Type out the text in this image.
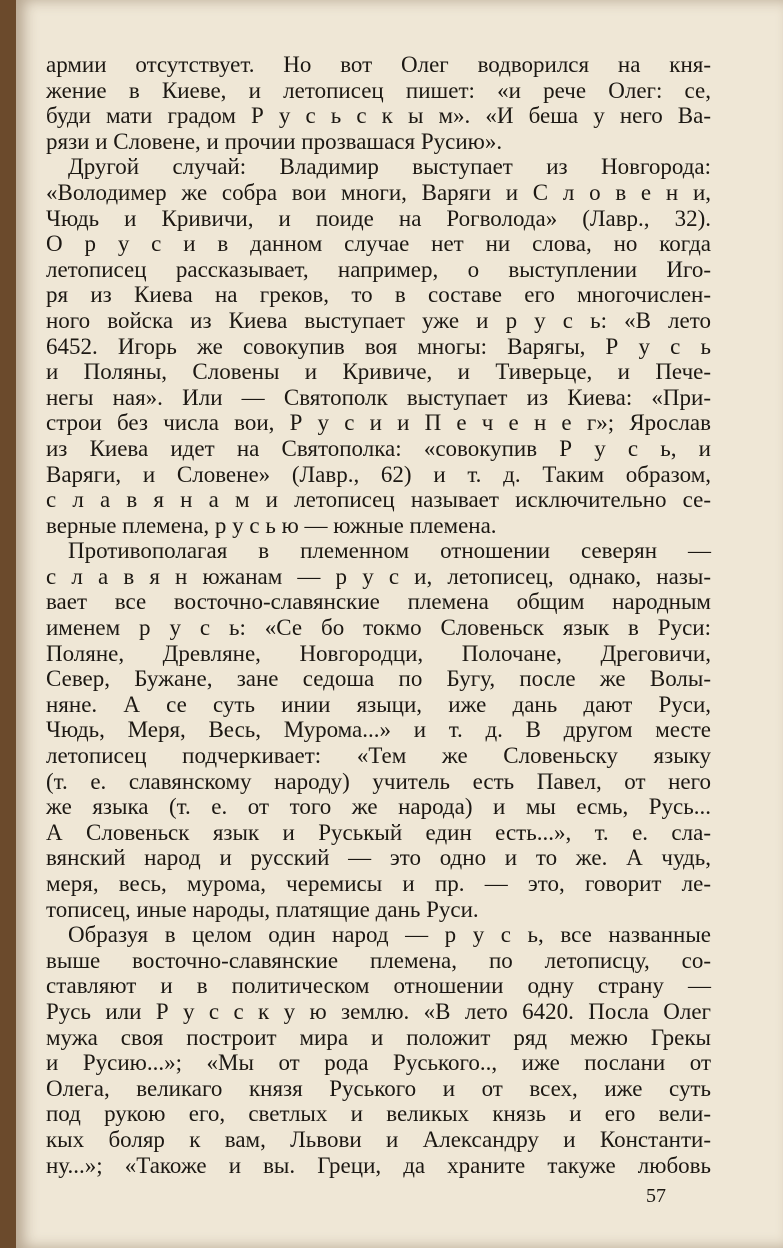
армии отсутствует. Но вот Олег водворился на кня-
жение в Киеве, и летописец пишет: «и рече Олег: се,
буди мати градом Р у с ь с к ы м». «И беша у него Ва-
рязи и Словене, и прочии прозвашася Русию».
Другой случай: Владимир выступает из Новгорода:
«Володимер же собра вои многи, Варяги и С л о в е н и,
Чюдь и Кривичи, и поиде на Рогволода» (Лавр., 32).
О р у с и в данном случае нет ни слова, но когда
летописец рассказывает, например, о выступлении Иго-
ря из Киева на греков, то в составе его многочислен-
ного войска из Киева выступает уже и р у с ь: «В лето
6452. Игорь же совокупив воя многы: Варягы, Р у с ь
и Поляны, Словены и Кривиче, и Тиверьце, и Пече-
негы ная». Или — Святополк выступает из Киева: «При-
строи без числа вои, Р у с и и П е ч е н е г»; Ярослав
из Киева идет на Святополка: «совокупив Р у с ь, и
Варяги, и Словене» (Лавр., 62) и т. д. Таким образом,
с л а в я н а м и летописец называет исключительно се-
верные племена, р у с ь ю — южные племена.
Противополагая в племенном отношении северян —
с л а в я н южанам — р у с и, летописец, однако, назы-
вает все восточно-славянские племена общим народным
именем р у с ь: «Се бо токмо Словеньск язык в Руси:
Поляне, Древляне, Новгородци, Полочане, Дреговичи,
Север, Бужане, зане седоша по Бугу, после же Волы-
няне. А се суть инии языци, иже дань дают Руси,
Чюдь, Меря, Весь, Мурома...» и т. д. В другом месте
летописец подчеркивает: «Тем же Словеньску языку
(т. е. славянскому народу) учитель есть Павел, от него
же языка (т. е. от того же народа) и мы есмь, Русь...
А Словеньск язык и Руськый един есть...», т. е. сла-
вянский народ и русский — это одно и то же. А чудь,
меря, весь, мурома, черемисы и пр. — это, говорит ле-
тописец, иные народы, платящие дань Руси.
Образуя в целом один народ — р у с ь, все названные
выше восточно-славянские племена, по летописцу, со-
ставляют и в политическом отношении одну страну —
Русь или Р у с с к у ю землю. «В лето 6420. Посла Олег
мужа своя построит мира и положит ряд межю Грекы
и Русию...»; «Мы от рода Руського.., иже послани от
Олега, великаго князя Руського и от всех, иже суть
под рукою его, светлых и великых князь и его вели-
кых боляр к вам, Львови и Александру и Константи-
ну...»; «Такоже и вы. Греци, да храните такуже любовь
57
